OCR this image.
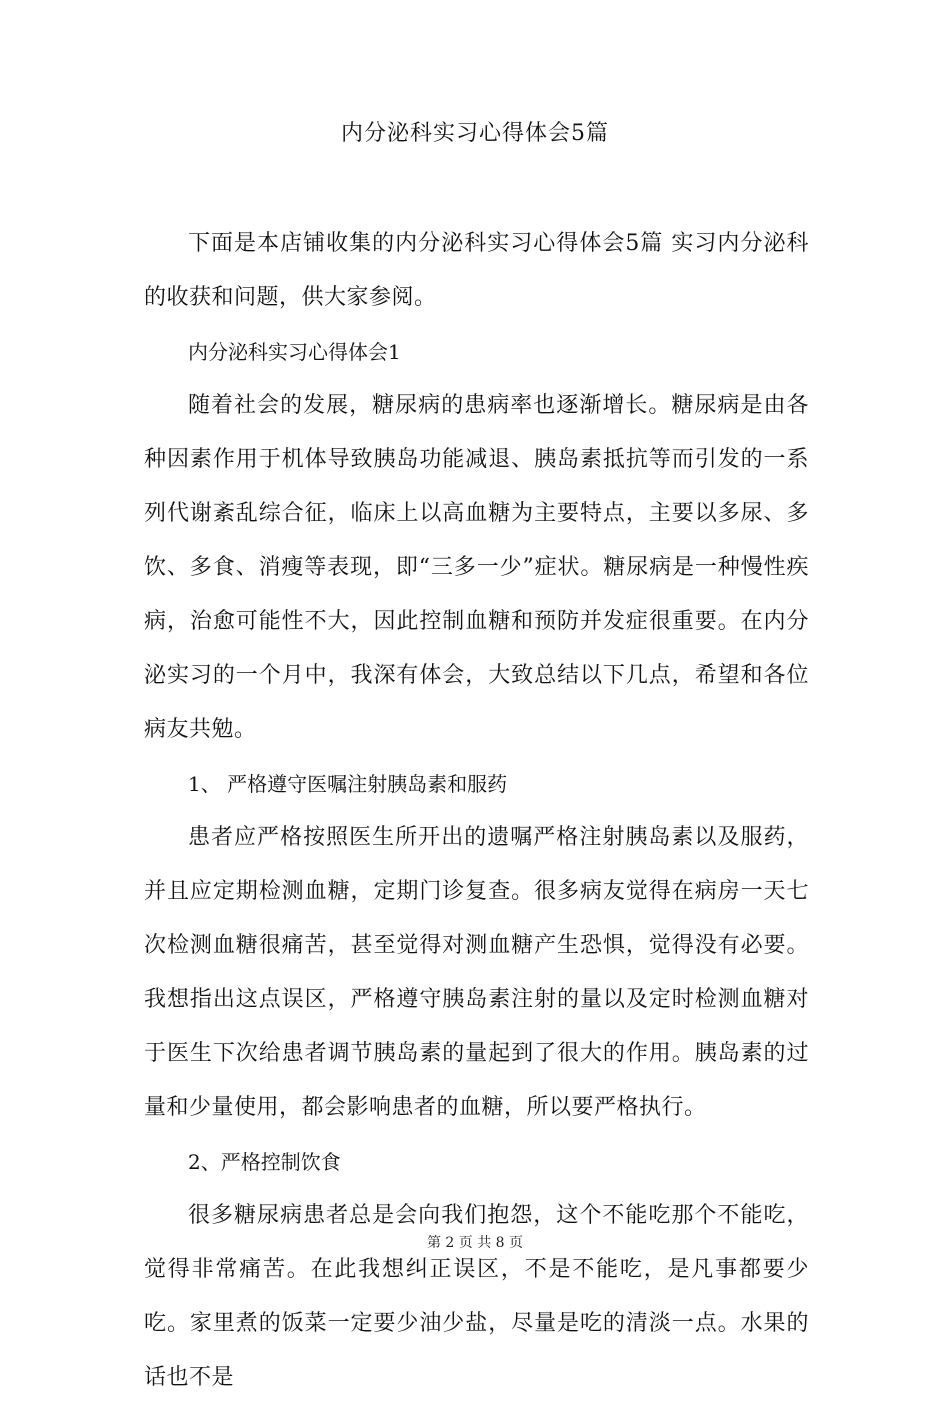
内分泌科实习心得体会5篇

下面是本店铺收集的内分泌科实习心得体会5篇 实习内分泌科的收获和问题，供大家参阅。

内分泌科实习心得体会1

随着社会的发展，糖尿病的患病率也逐渐增长。糖尿病是由各种因素作用于机体导致胰岛功能减退、胰岛素抵抗等而引发的一系列代谢紊乱综合征，临床上以高血糖为主要特点，主要以多尿、多饮、多食、消瘦等表现，即“三多一少”症状。糖尿病是一种慢性疾病，治愈可能性不大，因此控制血糖和预防并发症很重要。在内分泌实习的一个月中，我深有体会，大致总结以下几点，希望和各位病友共勉。

1、 严格遵守医嘱注射胰岛素和服药

患者应严格按照医生所开出的遗嘱严格注射胰岛素以及服药，并且应定期检测血糖，定期门诊复查。很多病友觉得在病房一天七次检测血糖很痛苦，甚至觉得对测血糖产生恐惧，觉得没有必要。我想指出这点误区，严格遵守胰岛素注射的量以及定时检测血糖对于医生下次给患者调节胰岛素的量起到了很大的作用。胰岛素的过量和少量使用，都会影响患者的血糖，所以要严格执行。

2、严格控制饮食

很多糖尿病患者总是会向我们抱怨，这个不能吃那个不能吃，觉得非常痛苦。在此我想纠正误区，不是不能吃，是凡事都要少吃。家里煮的饭菜一定要少油少盐，尽量是吃的清淡一点。水果的话也不是

第 2 页 共 8 页
